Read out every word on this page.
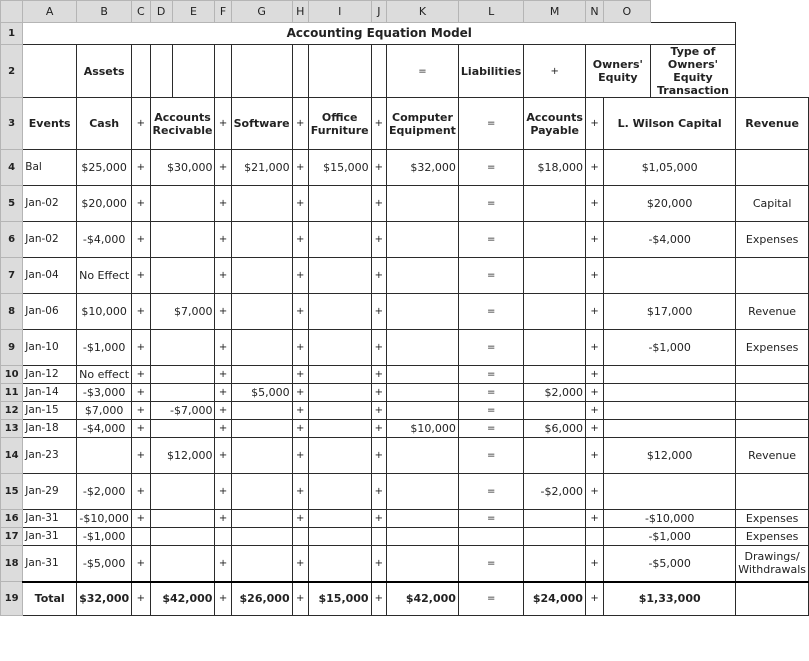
	A	B	C	D	E	F	G	H	I	J	K	L	M	N	O		
1	Accounting Equation Model																
2		Assets									=	Liabilities	+	Owners' Equity		Type of Owners' Equity Transaction	
3	Events	Cash	+	Accounts Recivable		+	Software	+	Office Furniture	+	Computer Equipment	=	Accounts Payable	+	L. Wilson Capital		Revenue
4	Bal	$25,000	+	$30,000		+	$21,000	+	$15,000	+	$32,000	=	$18,000	+	$1,05,000		
5	Jan-02	$20,000	+			+		+		+		=		+	$20,000		Capital
6	Jan-02	-$4,000	+			+		+		+		=		+	-$4,000		Expenses
7	Jan-04	No Effect	+			+		+		+		=		+			
8	Jan-06	$10,000	+	$7,000		+		+		+		=		+	$17,000		Revenue
9	Jan-10	-$1,000	+			+		+		+		=		+	-$1,000		Expenses
10	Jan-12	No effect	+			+		+		+		=		+			
11	Jan-14	-$3,000	+			+	$5,000	+		+		=	$2,000	+			
12	Jan-15	$7,000	+	-$7,000		+		+		+		=		+			
13	Jan-18	-$4,000	+			+		+		+	$10,000	=	$6,000	+			
14	Jan-23		+	$12,000		+		+		+		=		+	$12,000		Revenue
15	Jan-29	-$2,000	+			+		+		+		=	-$2,000	+			
16	Jan-31	-$10,000	+			+		+		+		=		+	-$10,000		Expenses
17	Jan-31	-$1,000													-$1,000		Expenses
18	Jan-31	-$5,000	+			+		+		+		=		+	-$5,000		Drawings/ Withdrawals
19	Total	$32,000	+	$42,000		+	$26,000	+	$15,000	+	$42,000	=	$24,000	+	$1,33,000		
